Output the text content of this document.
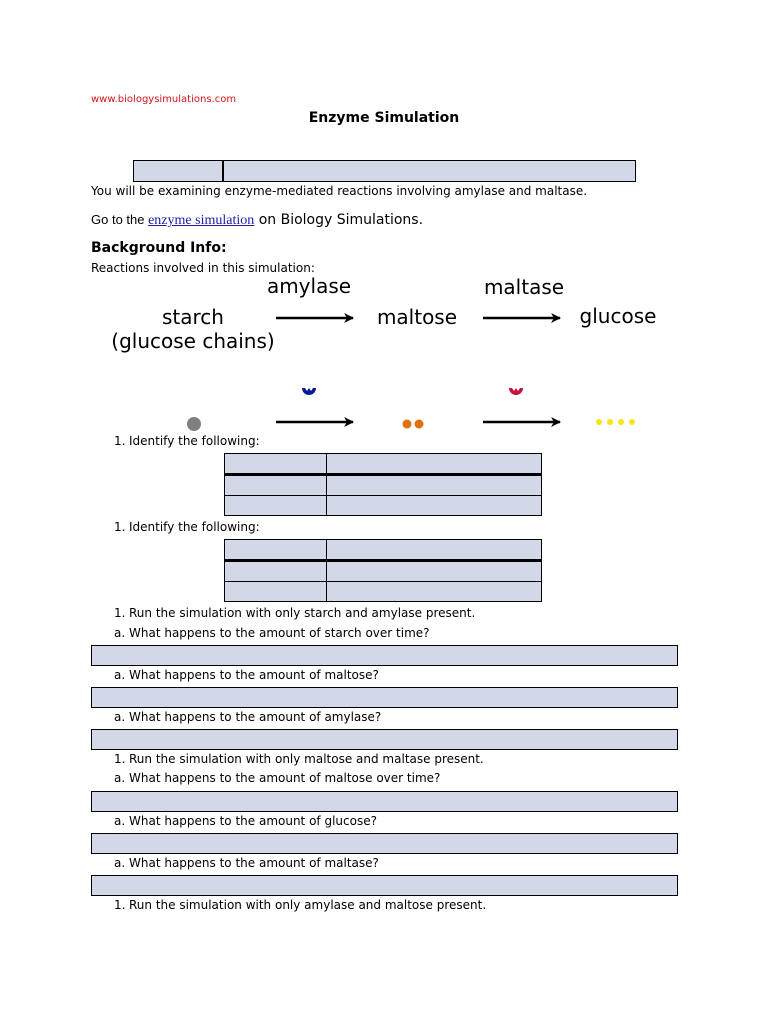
www.biologysimulations.com
Enzyme Simulation
You will be examining enzyme-mediated reactions involving amylase and maltase.
Go to the enzyme simulation on Biology Simulations.
Background Info:
Reactions involved in this simulation:
amylase	maltase
starch
(glucose chains)
maltose	glucose
1. Identify the following:

1. Identify the following:

1. Run the simulation with only starch and amylase present.
a. What happens to the amount of starch over time?
a. What happens to the amount of maltose?
a. What happens to the amount of amylase?
1. Run the simulation with only maltose and maltase present.
a. What happens to the amount of maltose over time?
a. What happens to the amount of glucose?
a. What happens to the amount of maltase?
1. Run the simulation with only amylase and maltose present.
